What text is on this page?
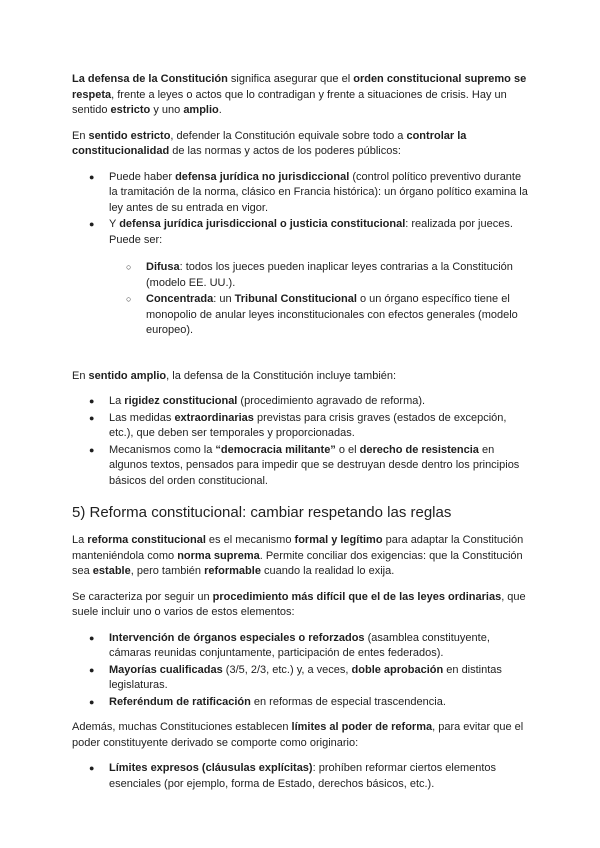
La defensa de la Constitución significa asegurar que el orden constitucional supremo se respeta, frente a leyes o actos que lo contradigan y frente a situaciones de crisis. Hay un sentido estricto y uno amplio.

En sentido estricto, defender la Constitución equivale sobre todo a controlar la constitucionalidad de las normas y actos de los poderes públicos:

● Puede haber defensa jurídica no jurisdiccional (control político preventivo durante la tramitación de la norma, clásico en Francia histórica): un órgano político examina la ley antes de su entrada en vigor.
● Y defensa jurídica jurisdiccional o justicia constitucional: realizada por jueces. Puede ser:
○ Difusa: todos los jueces pueden inaplicar leyes contrarias a la Constitución (modelo EE. UU.).
○ Concentrada: un Tribunal Constitucional o un órgano específico tiene el monopolio de anular leyes inconstitucionales con efectos generales (modelo europeo).

En sentido amplio, la defensa de la Constitución incluye también:

● La rigidez constitucional (procedimiento agravado de reforma).
● Las medidas extraordinarias previstas para crisis graves (estados de excepción, etc.), que deben ser temporales y proporcionadas.
● Mecanismos como la “democracia militante” o el derecho de resistencia en algunos textos, pensados para impedir que se destruyan desde dentro los principios básicos del orden constitucional.
5) Reforma constitucional: cambiar respetando las reglas

La reforma constitucional es el mecanismo formal y legítimo para adaptar la Constitución manteniéndola como norma suprema. Permite conciliar dos exigencias: que la Constitución sea estable, pero también reformable cuando la realidad lo exija.

Se caracteriza por seguir un procedimiento más difícil que el de las leyes ordinarias, que suele incluir uno o varios de estos elementos:

● Intervención de órganos especiales o reforzados (asamblea constituyente, cámaras reunidas conjuntamente, participación de entes federados).
● Mayorías cualificadas (3/5, 2/3, etc.) y, a veces, doble aprobación en distintas legislaturas.
● Referéndum de ratificación en reformas de especial trascendencia.

Además, muchas Constituciones establecen límites al poder de reforma, para evitar que el poder constituyente derivado se comporte como originario:

● Límites expresos (cláusulas explícitas): prohíben reformar ciertos elementos esenciales (por ejemplo, forma de Estado, derechos básicos, etc.).
